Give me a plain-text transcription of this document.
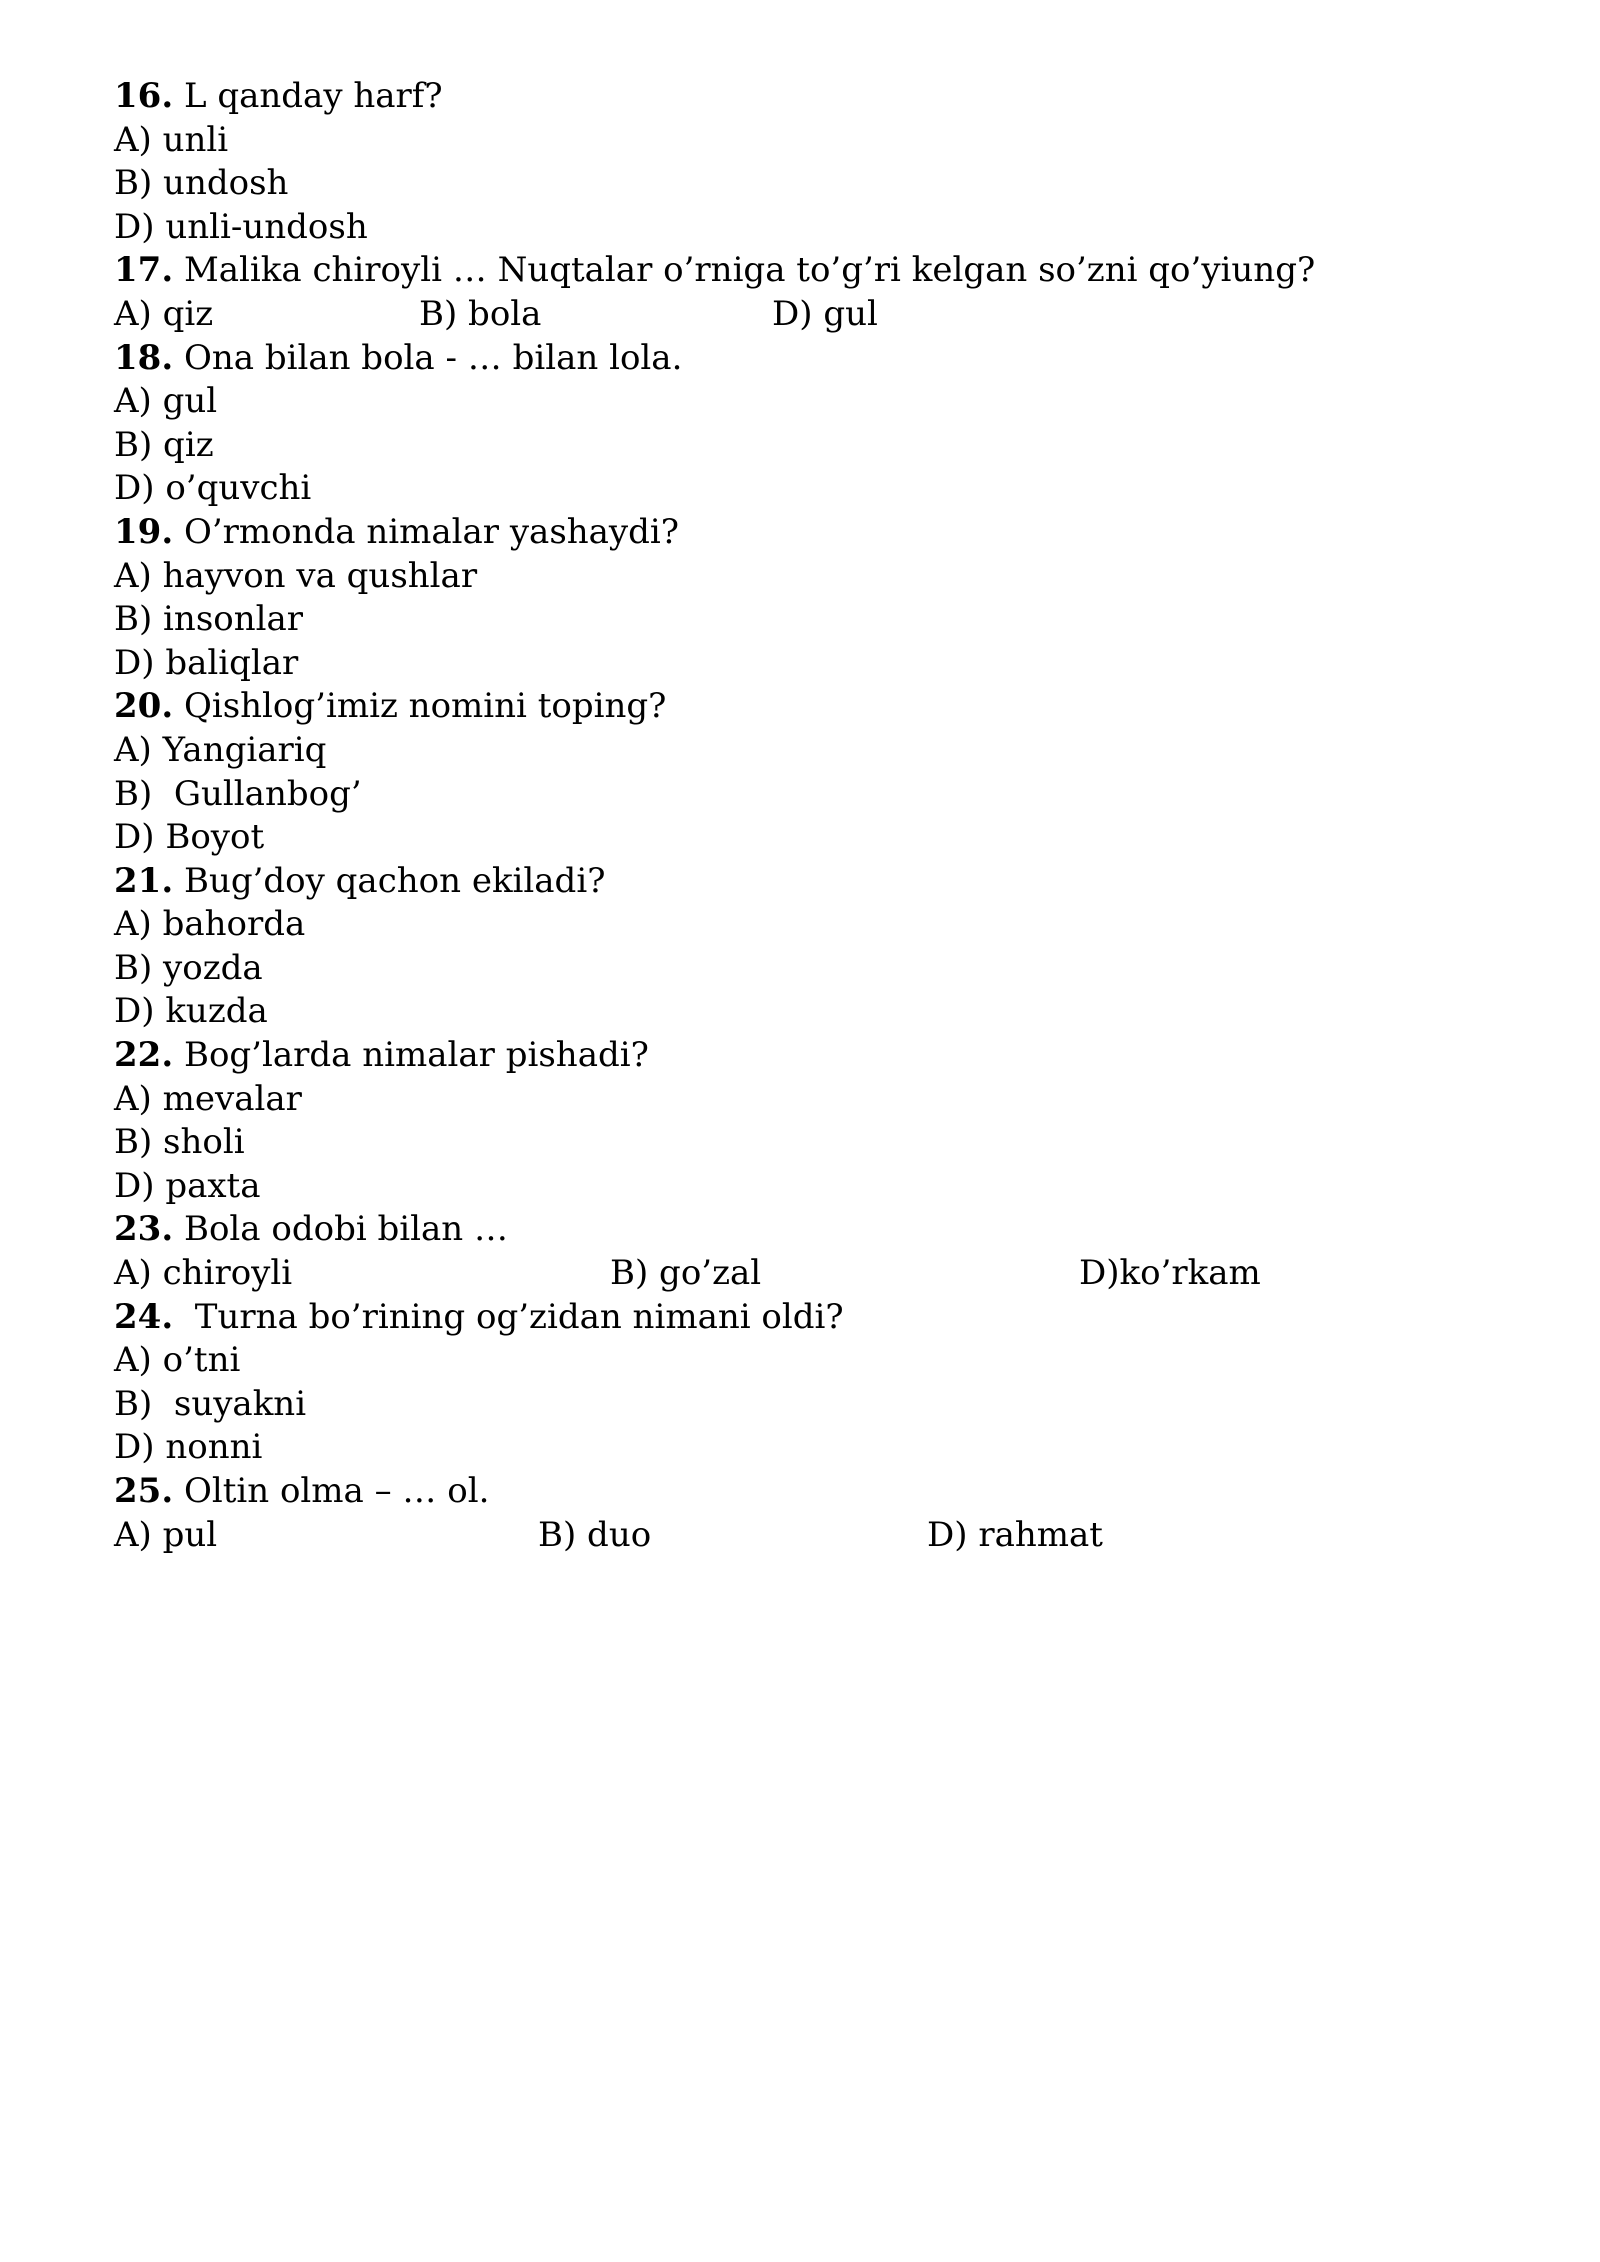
16. L qanday harf?
A) unli
B) undosh
D) unli-undosh
17. Malika chiroyli … Nuqtalar o’rniga to’g’ri kelgan so’zni qo’yiung?

A) qiz

	B) bola

	D) gul

18. Ona bilan bola - … bilan lola.
A) gul
B) qiz
D) o’quvchi
19. O’rmonda nimalar yashaydi?
A) hayvon va qushlar
B) insonlar
D) baliqlar
20. Qishlog’imiz nomini toping?
A) Yangiariq
B)  Gullanbog’
D) Boyot
21. Bug’doy qachon ekiladi?
A) bahorda
B) yozda
D) kuzda
22. Bog’larda nimalar pishadi?
A) mevalar
B) sholi
D) paxta
23. Bola odobi bilan …

A) chiroyli

	B) go’zal

	D)ko’rkam

24.  Turna bo’rining og’zidan nimani oldi?
A) o’tni
B)  suyakni
D) nonni
25. Oltin olma – … ol.

A) pul

	B) duo

	D) rahmat
